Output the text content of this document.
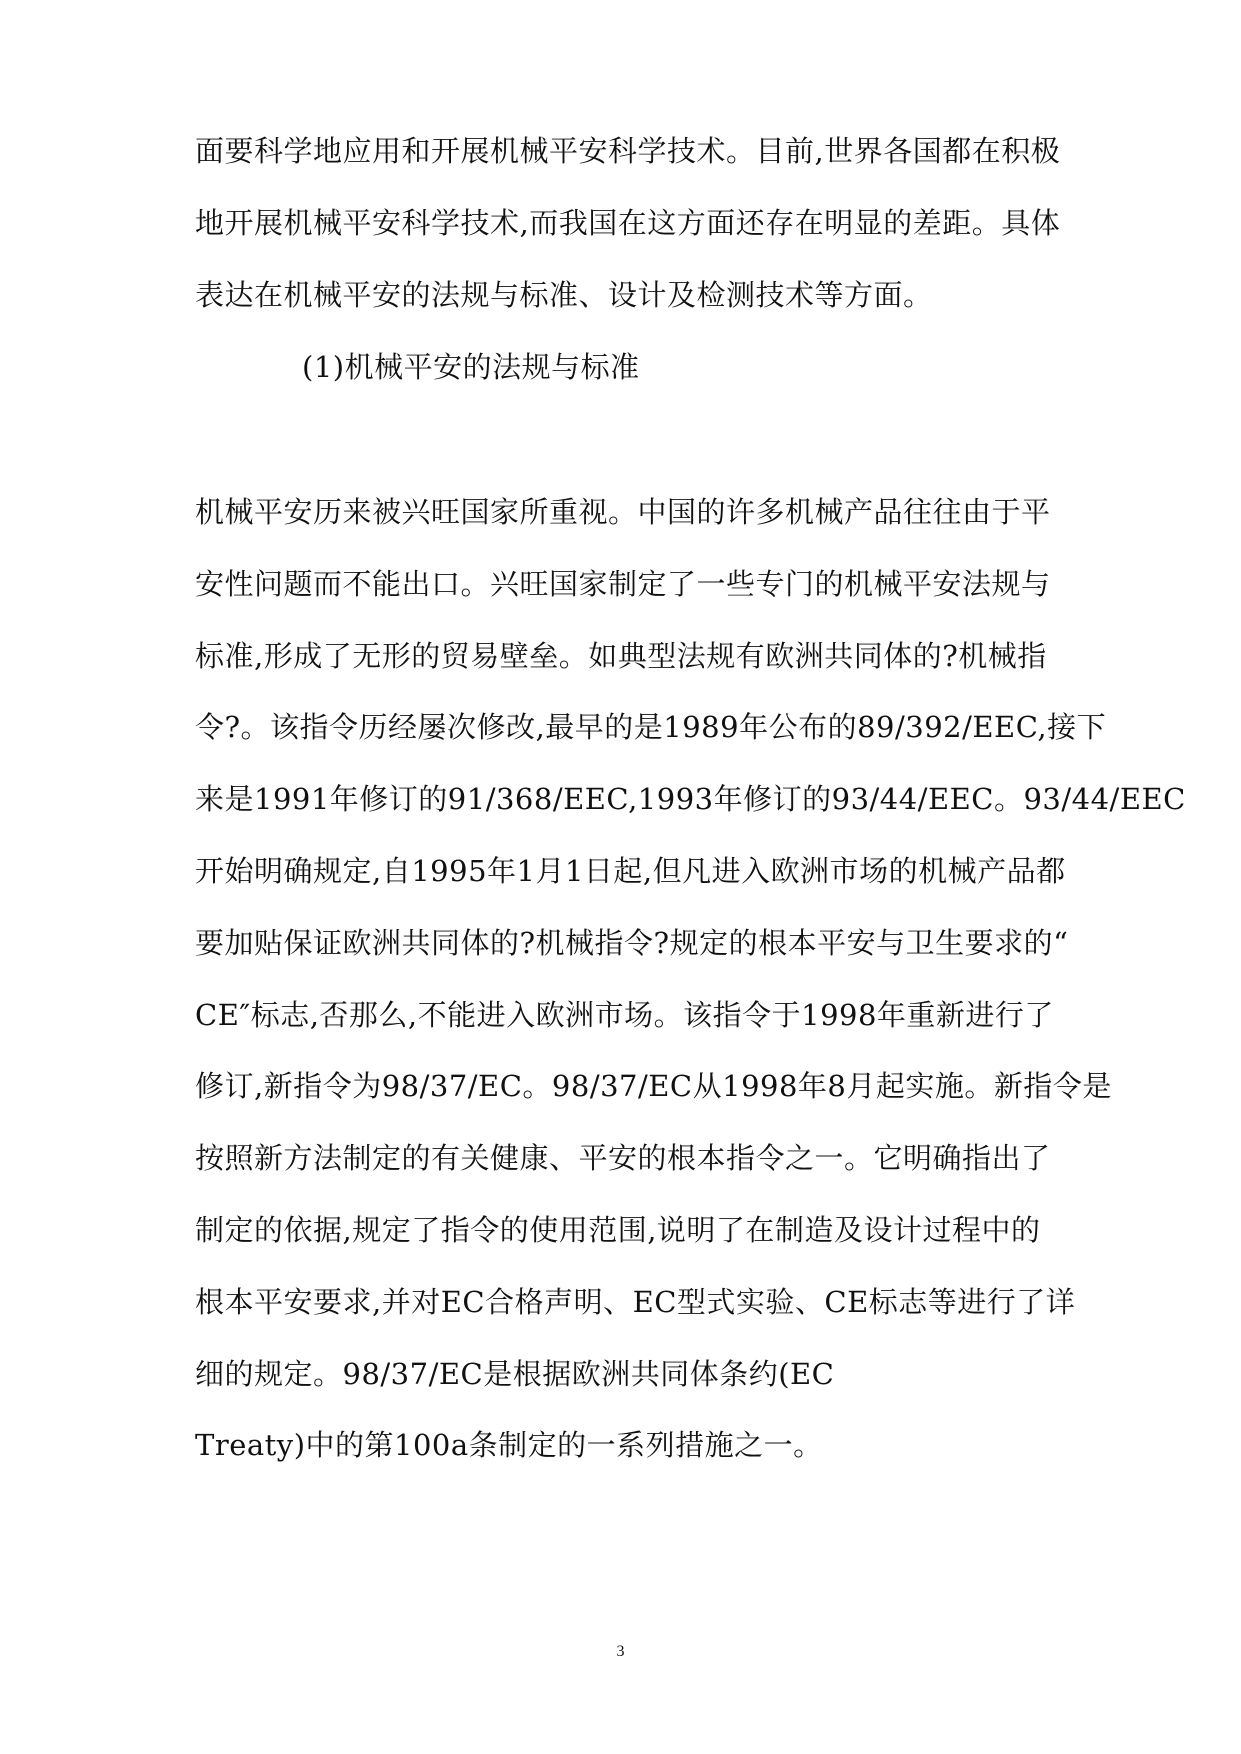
面要科学地应用和开展机械平安科学技术。目前,世界各国都在积极
地开展机械平安科学技术,而我国在这方面还存在明显的差距。具体
表达在机械平安的法规与标准、设计及检测技术等方面。
(1)机械平安的法规与标准
机械平安历来被兴旺国家所重视。中国的许多机械产品往往由于平
安性问题而不能出口。兴旺国家制定了一些专门的机械平安法规与
标准,形成了无形的贸易壁垒。如典型法规有欧洲共同体的?机械指
令?。该指令历经屡次修改,最早的是1989年公布的89/392/EEC,接下
来是1991年修订的91/368/EEC,1993年修订的93/44/EEC。93/44/EEC
开始明确规定,自1995年1月1日起,但凡进入欧洲市场的机械产品都
要加贴保证欧洲共同体的?机械指令?规定的根本平安与卫生要求的“
CE″标志,否那么,不能进入欧洲市场。该指令于1998年重新进行了
修订,新指令为98/37/EC。98/37/EC从1998年8月起实施。新指令是
按照新方法制定的有关健康、平安的根本指令之一。它明确指出了
制定的依据,规定了指令的使用范围,说明了在制造及设计过程中的
根本平安要求,并对EC合格声明、EC型式实验、CE标志等进行了详
细的规定。98/37/EC是根据欧洲共同体条约(EC
Treaty)中的第100a条制定的一系列措施之一。
3
